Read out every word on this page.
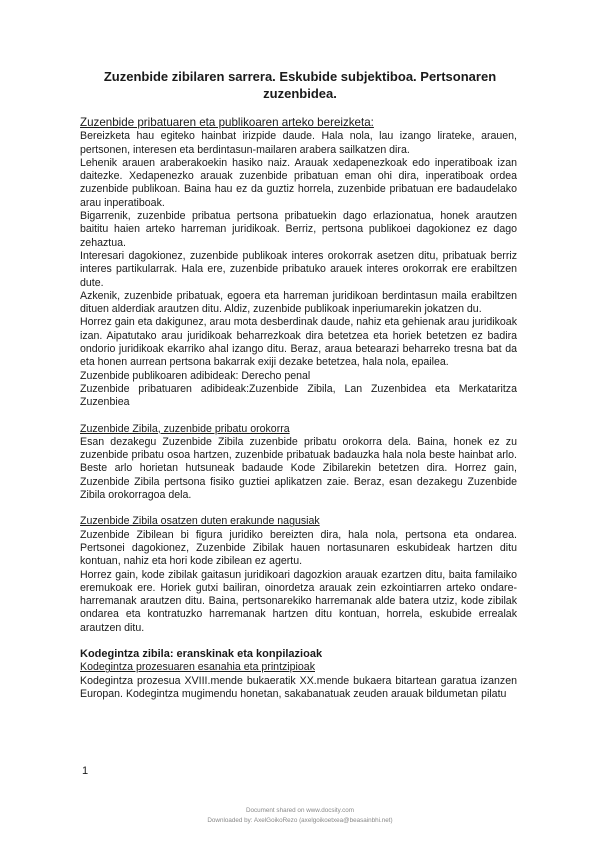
Zuzenbide zibilaren sarrera. Eskubide subjektiboa. Pertsonaren zuzenbidea.
Zuzenbide pribatuaren eta publikoaren arteko bereizketa:

Bereizketa hau egiteko hainbat irizpide daude. Hala nola, lau izango lirateke, arauen, pertsonen, interesen eta berdintasun-mailaren arabera sailkatzen dira.

Lehenik arauen araberakoekin hasiko naiz. Arauak xedapenezkoak edo inperatiboak izan daitezke. Xedapenezko arauak zuzenbide pribatuan eman ohi dira, inperatiboak ordea zuzenbide publikoan. Baina hau ez da guztiz horrela, zuzenbide pribatuan ere badaudelako arau inperatiboak.

Bigarrenik, zuzenbide pribatua pertsona pribatuekin dago erlazionatua, honek arautzen baititu haien arteko harreman juridikoak. Berriz, pertsona publikoei dagokionez ez dago zehaztua.

Interesari dagokionez, zuzenbide publikoak interes orokorrak asetzen ditu, pribatuak berriz interes partikularrak. Hala ere, zuzenbide pribatuko arauek interes orokorrak ere erabiltzen dute.

Azkenik, zuzenbide pribatuak, egoera eta harreman juridikoan berdintasun maila erabiltzen dituen alderdiak arautzen ditu. Aldiz, zuzenbide publikoak inperiumarekin jokatzen du.

Horrez gain eta dakigunez, arau mota desberdinak daude, nahiz eta gehienak arau juridikoak izan. Aipatutako arau juridikoak beharrezkoak dira betetzea eta horiek betetzen ez badira ondorio juridikoak ekarriko ahal izango ditu. Beraz, araua betearazi beharreko tresna bat da eta honen aurrean pertsona bakarrak exiji dezake betetzea, hala nola, epailea.

Zuzenbide publikoaren adibideak: Derecho penal

Zuzenbide pribatuaren adibideak:Zuzenbide Zibila, Lan Zuzenbidea eta Merkataritza Zuzenbiea

Zuzenbide Zibila, zuzenbide pribatu orokorra

Esan dezakegu Zuzenbide Zibila zuzenbide pribatu orokorra dela. Baina, honek ez zu zuzenbide pribatu osoa hartzen, zuzenbide pribatuak badauzka hala nola beste hainbat arlo. Beste arlo horietan hutsuneak badaude Kode Zibilarekin betetzen dira. Horrez gain, Zuzenbide Zibila pertsona fisiko guztiei aplikatzen zaie. Beraz, esan dezakegu Zuzenbide Zibila orokorragoa dela.

Zuzenbide Zibila osatzen duten erakunde nagusiak

Zuzenbide Zibilean bi figura juridiko bereizten dira, hala nola, pertsona eta ondarea. Pertsonei dagokionez, Zuzenbide Zibilak hauen nortasunaren eskubideak hartzen ditu kontuan, nahiz eta hori kode zibilean ez agertu.

Horrez gain, kode zibilak gaitasun juridikoari dagozkion arauak ezartzen ditu, baita familaiko eremukoak ere. Horiek gutxi bailiran, oinordetza arauak zein ezkointiarren arteko ondare-harremanak arautzen ditu. Baina, pertsonarekiko harremanak alde batera utziz, kode zibilak ondarea eta kontratuzko harremanak hartzen ditu kontuan, horrela, eskubide errealak arautzen ditu.

Kodegintza zibila: eranskinak eta konpilazioak
Kodegintza prozesuaren esanahia eta printzipioak

Kodegintza prozesua XVIII.mende bukaeratik XX.mende bukaera bitartean garatua izanzen Europan. Kodegintza mugimendu honetan, sakabanatuak zeuden arauak bildumetan pilatu

1
Document shared on www.docsity.com
Downloaded by: AxelGoikoRezo (axelgoikoetxea@beasainbhi.net)
